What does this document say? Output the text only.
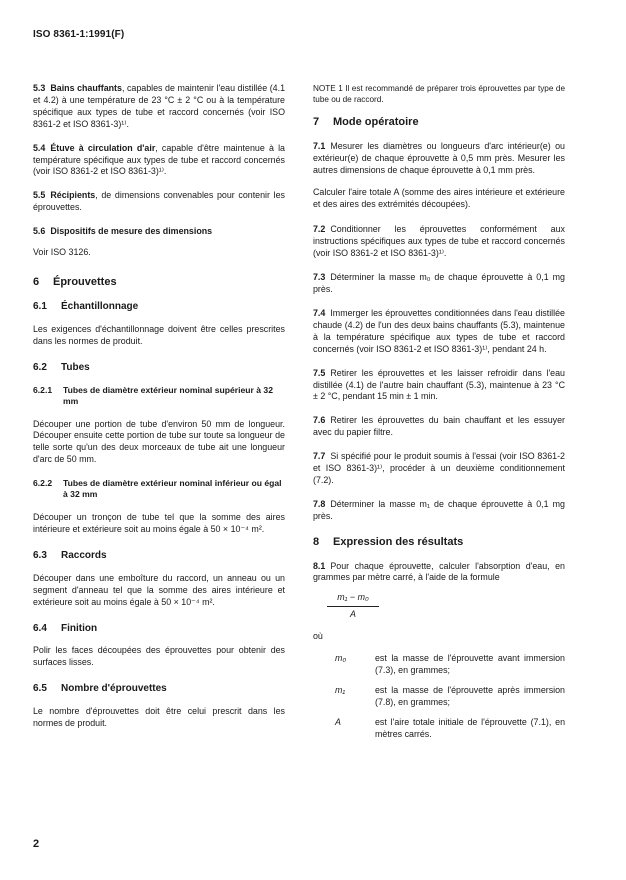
ISO 8361-1:1991(F)

5.3 Bains chauffants, capables de maintenir l'eau distillée (4.1 et 4.2) à une température de 23 °C ± 2 °C ou à la température spécifique aux types de tube et raccord concernés (voir ISO 8361-2 et ISO 8361-3)¹⁾.

5.4 Étuve à circulation d'air, capable d'être maintenue à la température spécifique aux types de tube et raccord concernés (voir ISO 8361-2 et ISO 8361-3)¹⁾.

5.5 Récipients, de dimensions convenables pour contenir les éprouvettes.

5.6 Dispositifs de mesure des dimensions

Voir ISO 3126.

6	Éprouvettes
6.1	Échantillonnage

Les exigences d'échantillonnage doivent être celles prescrites dans les normes de produit.

6.2	Tubes
6.2.1	Tubes de diamètre extérieur nominal supérieur à 32 mm

Découper une portion de tube d'environ 50 mm de longueur. Découper ensuite cette portion de tube sur toute sa longueur de telle sorte qu'un des deux morceaux de tube ait une longueur d'arc de 50 mm.

6.2.2	Tubes de diamètre extérieur nominal inférieur ou égal à 32 mm

Découper un tronçon de tube tel que la somme des aires intérieure et extérieure soit au moins égale à 50 × 10⁻⁴ m².

6.3	Raccords

Découper dans une emboîture du raccord, un anneau ou un segment d'anneau tel que la somme des aires intérieure et extérieure soit au moins égale à 50 × 10⁻⁴ m².

6.4	Finition

Polir les faces découpées des éprouvettes pour obtenir des surfaces lisses.

6.5	Nombre d'éprouvettes

Le nombre d'éprouvettes doit être celui prescrit dans les normes de produit.

NOTE 1 Il est recommandé de préparer trois éprouvettes par type de tube ou de raccord.

7	Mode opératoire

7.1 Mesurer les diamètres ou longueurs d'arc intérieur(e) ou extérieur(e) de chaque éprouvette à 0,5 mm près. Mesurer les autres dimensions de chaque éprouvette à 0,1 mm près.

Calculer l'aire totale A (somme des aires intérieure et extérieure et des aires des extrémités découpées).

7.2 Conditionner les éprouvettes conformément aux instructions spécifiques aux types de tube et raccord concernés (voir ISO 8361-2 et ISO 8361-3)¹⁾.

7.3 Déterminer la masse m₀ de chaque éprouvette à 0,1 mg près.

7.4 Immerger les éprouvettes conditionnées dans l'eau distillée chaude (4.2) de l'un des deux bains chauffants (5.3), maintenue à la température spécifique aux types de tube et raccord concernés (voir ISO 8361-2 et ISO 8361-3)¹⁾, pendant 24 h.

7.5 Retirer les éprouvettes et les laisser refroidir dans l'eau distillée (4.1) de l'autre bain chauffant (5.3), maintenue à 23 °C ± 2 °C, pendant 15 min ± 1 min.

7.6 Retirer les éprouvettes du bain chauffant et les essuyer avec du papier filtre.

7.7 Si spécifié pour le produit soumis à l'essai (voir ISO 8361-2 et ISO 8361-3)¹⁾, procéder à un deuxième conditionnement (7.2).

7.8 Déterminer la masse m₁ de chaque éprouvette à 0,1 mg près.

8	Expression des résultats

8.1 Pour chaque éprouvette, calculer l'absorption d'eau, en grammes par mètre carré, à l'aide de la formule

m₁ − m₀
A

où

m₀	est la masse de l'éprouvette avant immersion (7.3), en grammes;
m₁	est la masse de l'éprouvette après immersion (7.8), en grammes;
A	est l'aire totale initiale de l'éprouvette (7.1), en mètres carrés.
2
